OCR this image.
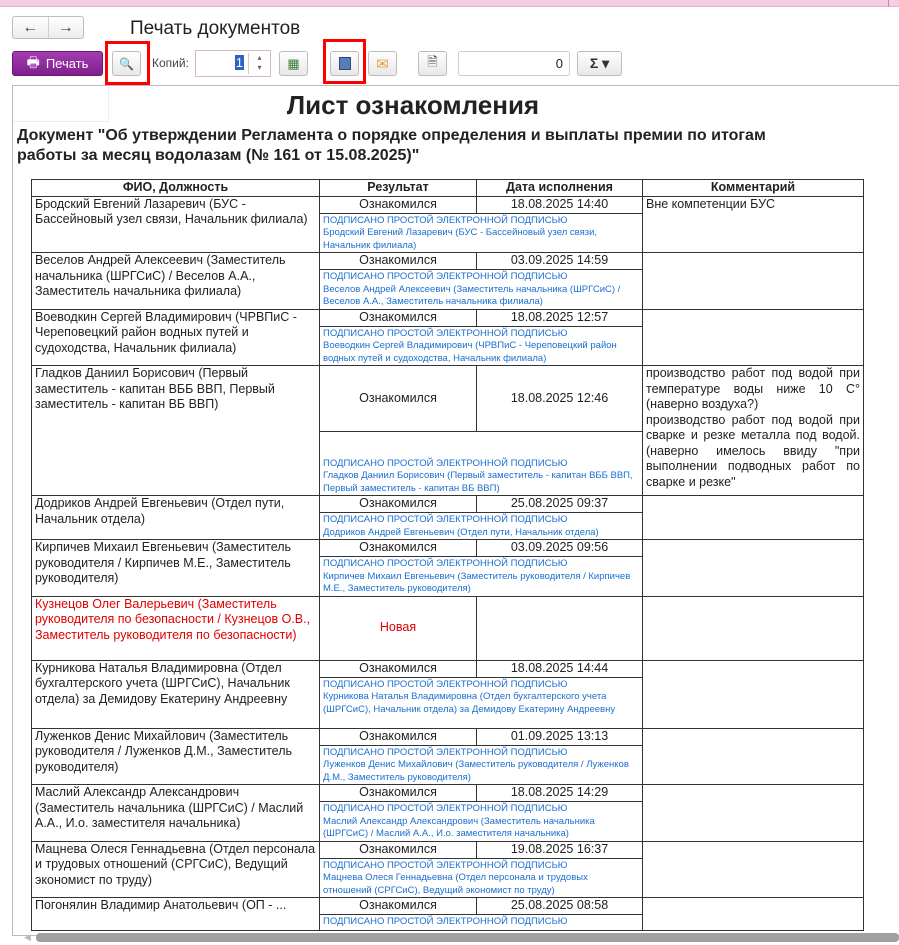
←	→	Печать документов
🖶 Печать	🔍 Копий:	1	▴
▾	▦	✉	🗎	0	Σ ▾
Лист ознакомления
Документ "Об утверждении Регламента о порядке определения и выплаты премии по итогам работы за месяц водолазам (№ 161 от 15.08.2025)"
ФИО, Должность	Результат	Дата исполнения	Комментарий
Бродский Евгений Лазаревич (БУС - Бассейновый узел связи, Начальник филиала)	Ознакомился	18.08.2025 14:40	Вне компетенции БУС
	ПОДПИСАНО ПРОСТОЙ ЭЛЕКТРОННОЙ ПОДПИСЬЮ
Бродский Евгений Лазаревич (БУС - Бассейновый узел связи, Начальник филиала)		
Веселов Андрей Алексеевич (Заместитель начальника (ШРГСиС) / Веселов А.А., Заместитель начальника филиала)	Ознакомился	03.09.2025 14:59	
	ПОДПИСАНО ПРОСТОЙ ЭЛЕКТРОННОЙ ПОДПИСЬЮ
Веселов Андрей Алексеевич (Заместитель начальника (ШРГСиС) / Веселов А.А., Заместитель начальника филиала)		
Воеводкин Сергей Владимирович (ЧРВПиС - Череповецкий район водных путей и судоходства, Начальник филиала)	Ознакомился	18.08.2025 12:57	
	ПОДПИСАНО ПРОСТОЙ ЭЛЕКТРОННОЙ ПОДПИСЬЮ
Воеводкин Сергей Владимирович (ЧРВПиС - Череповецкий район водных путей и судоходства, Начальник филиала)		
Гладков Даниил Борисович (Первый заместитель - капитан ВББ ВВП, Первый заместитель - капитан ВБ ВВП)	Ознакомился	18.08.2025 12:46	производство работ под водой при температуре воды ниже 10 С° (наверно воздуха?)
производство работ под водой при сварке и резке металла под водой. (наверно имелось ввиду "при выполнении подводных работ по сварке и резке"
	ПОДПИСАНО ПРОСТОЙ ЭЛЕКТРОННОЙ ПОДПИСЬЮ
Гладков Даниил Борисович (Первый заместитель - капитан ВББ ВВП, Первый заместитель - капитан ВБ ВВП)		
Додриков Андрей Евгеньевич (Отдел пути, Начальник отдела)	Ознакомился	25.08.2025 09:37	
	ПОДПИСАНО ПРОСТОЙ ЭЛЕКТРОННОЙ ПОДПИСЬЮ
Додриков Андрей Евгеньевич (Отдел пути, Начальник отдела)		
Кирпичев Михаил Евгеньевич (Заместитель руководителя / Кирпичев М.Е., Заместитель руководителя)	Ознакомился	03.09.2025 09:56	
	ПОДПИСАНО ПРОСТОЙ ЭЛЕКТРОННОЙ ПОДПИСЬЮ
Кирпичев Михаил Евгеньевич (Заместитель руководителя / Кирпичев М.Е., Заместитель руководителя)		
Кузнецов Олег Валерьевич (Заместитель руководителя по безопасности / Кузнецов О.В., Заместитель руководителя по безопасности)	Новая		
Курникова Наталья Владимировна (Отдел бухгалтерского учета (ШРГСиС), Начальник отдела) за Демидову Екатерину Андреевну	Ознакомился	18.08.2025 14:44	
	ПОДПИСАНО ПРОСТОЙ ЭЛЕКТРОННОЙ ПОДПИСЬЮ
Курникова Наталья Владимировна (Отдел бухгалтерского учета (ШРГСиС), Начальник отдела) за Демидову Екатерину Андреевну		
Луженков Денис Михайлович (Заместитель руководителя / Луженков Д.М., Заместитель руководителя)	Ознакомился	01.09.2025 13:13	
	ПОДПИСАНО ПРОСТОЙ ЭЛЕКТРОННОЙ ПОДПИСЬЮ
Луженков Денис Михайлович (Заместитель руководителя / Луженков Д.М., Заместитель руководителя)		
Маслий Александр Александрович (Заместитель начальника (ШРГСиС) / Маслий А.А., И.о. заместителя начальника)	Ознакомился	18.08.2025 14:29	
	ПОДПИСАНО ПРОСТОЙ ЭЛЕКТРОННОЙ ПОДПИСЬЮ
Маслий Александр Александрович (Заместитель начальника (ШРГСиС) / Маслий А.А., И.о. заместителя начальника)		
Мацнева Олеся Геннадьевна (Отдел персонала и трудовых отношений (СРГСиС), Ведущий экономист по труду)	Ознакомился	19.08.2025 16:37	
	ПОДПИСАНО ПРОСТОЙ ЭЛЕКТРОННОЙ ПОДПИСЬЮ
Мацнева Олеся Геннадьевна (Отдел персонала и трудовых отношений (СРГСиС), Ведущий экономист по труду)		
Погонялин Владимир Анатольевич (ОП - ...	Ознакомился	25.08.2025 08:58	
	ПОДПИСАНО ПРОСТОЙ ЭЛЕКТРОННОЙ ПОДПИСЬЮ		
◀
